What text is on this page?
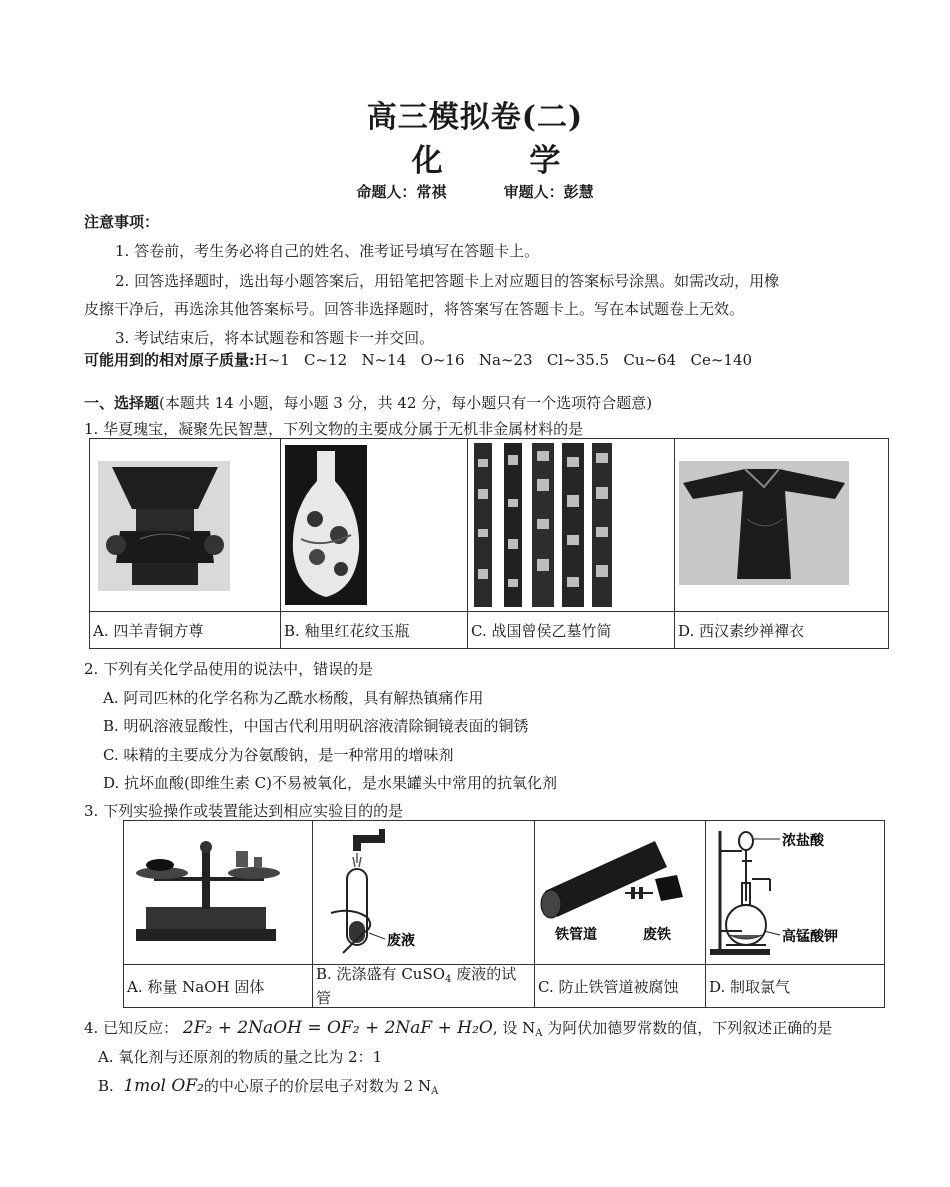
高三模拟卷(二)
化 学
命题人：常祺	审题人：彭慧
注意事项：
1. 答卷前，考生务必将自己的姓名、准考证号填写在答题卡上。
2. 回答选择题时，选出每小题答案后，用铅笔把答题卡上对应题目的答案标号涂黑。如需改动，用橡
皮擦干净后，再选涂其他答案标号。回答非选择题时，将答案写在答题卡上。写在本试题卷上无效。
3. 考试结束后，将本试题卷和答题卡一并交回。
可能用到的相对原子质量:H~1   C~12   N~14   O~16   Na~23   Cl~35.5   Cu~64   Ce~140
一、选择题(本题共 14 小题，每小题 3 分，共 42 分，每小题只有一个选项符合题意)
1. 华夏瑰宝，凝聚先民智慧，下列文物的主要成分属于无机非金属材料的是

A. 四羊青铜方尊	B. 釉里红花纹玉瓶	C. 战国曾侯乙墓竹简	D. 西汉素纱禅襌衣
2. 下列有关化学品使用的说法中，错误的是
A. 阿司匹林的化学名称为乙酰水杨酸，具有解热镇痛作用
B. 明矾溶液显酸性，中国古代利用明矾溶液清除铜镜表面的铜锈
C. 味精的主要成分为谷氨酸钠，是一种常用的增味剂
D. 抗坏血酸(即维生素 C)不易被氧化，是水果罐头中常用的抗氧化剂
3. 下列实验操作或装置能达到相应实验目的的是

废液	铁管道 废铁	浓盐酸
高锰酸钾

A. 称量 NaOH 固体	B. 洗涤盛有 CuSO$_4$ 废液的试
管	C. 防止铁管道被腐蚀	D. 制取氯气
4. 已知反应： 2F₂ + 2NaOH = OF₂ + 2NaF + H₂O, 设 $N_A$ 为阿伏加德罗常数的值，下列叙述正确的是
A. 氧化剂与还原剂的物质的量之比为 2：1
B.  1mol OF₂的中心原子的价层电子对数为 2 $N_A$
